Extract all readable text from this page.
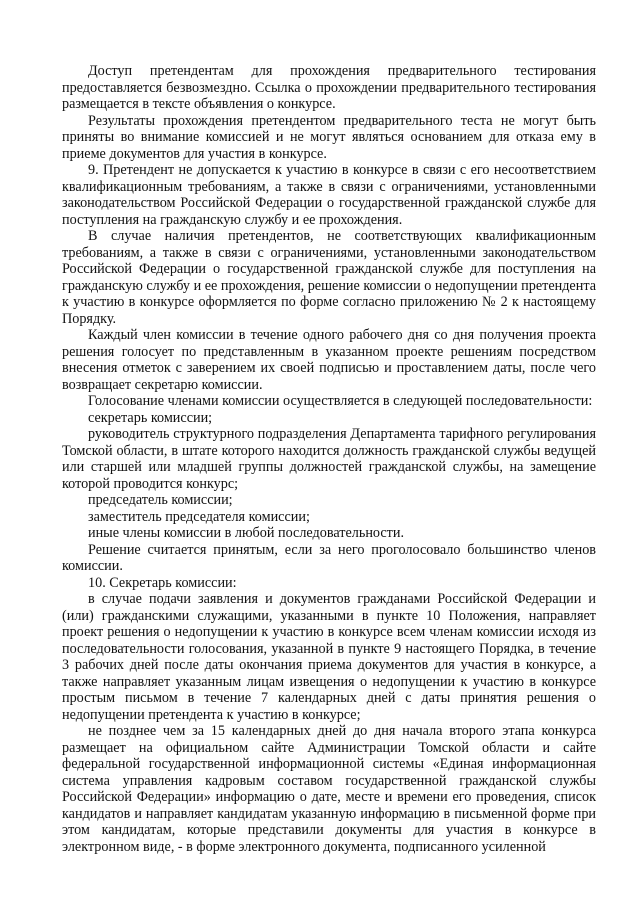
Доступ претендентам для прохождения предварительного тестирования предоставляется безвозмездно. Ссылка о прохождении предварительного тестирования размещается в тексте объявления о конкурсе.

Результаты прохождения претендентом предварительного теста не могут быть приняты во внимание комиссией и не могут являться основанием для отказа ему в приеме документов для участия в конкурсе.

9. Претендент не допускается к участию в конкурсе в связи с его несоответствием квалификационным требованиям, а также в связи с ограничениями, установленными законодательством Российской Федерации о государственной гражданской службе для поступления на гражданскую службу и ее прохождения.

В случае наличия претендентов, не соответствующих квалификационным требованиям, а также в связи с ограничениями, установленными законодательством Российской Федерации о государственной гражданской службе для поступления на гражданскую службу и ее прохождения, решение комиссии о недопущении претендента к участию в конкурсе оформляется по форме согласно приложению № 2 к настоящему Порядку.

Каждый член комиссии в течение одного рабочего дня со дня получения проекта решения голосует по представленным в указанном проекте решениям посредством внесения отметок с заверением их своей подписью и проставлением даты, после чего возвращает секретарю комиссии.

Голосование членами комиссии осуществляется в следующей последовательности:

секретарь комиссии;

руководитель структурного подразделения Департамента тарифного регулирования Томской области, в штате которого находится должность гражданской службы ведущей или старшей или младшей группы должностей гражданской службы, на замещение которой проводится конкурс;

председатель комиссии;

заместитель председателя комиссии;

иные члены комиссии в любой последовательности.

Решение считается принятым, если за него проголосовало большинство членов комиссии.

10. Секретарь комиссии:

в случае подачи заявления и документов гражданами Российской Федерации и (или) гражданскими служащими, указанными в пункте 10 Положения, направляет проект решения о недопущении к участию в конкурсе всем членам комиссии исходя из последовательности голосования, указанной в пункте 9 настоящего Порядка, в течение 3 рабочих дней после даты окончания приема документов для участия в конкурсе, а также направляет указанным лицам извещения о недопущении к участию в конкурсе простым письмом в течение 7 календарных дней с даты принятия решения о недопущении претендента к участию в конкурсе;

не позднее чем за 15 календарных дней до дня начала второго этапа конкурса размещает на официальном сайте Администрации Томской области и сайте федеральной государственной информационной системы «Единая информационная система управления кадровым составом государственной гражданской службы Российской Федерации» информацию о дате, месте и времени его проведения, список кандидатов и направляет кандидатам указанную информацию в письменной форме при этом кандидатам, которые представили документы для участия в конкурсе в электронном виде, - в форме электронного документа, подписанного усиленной
